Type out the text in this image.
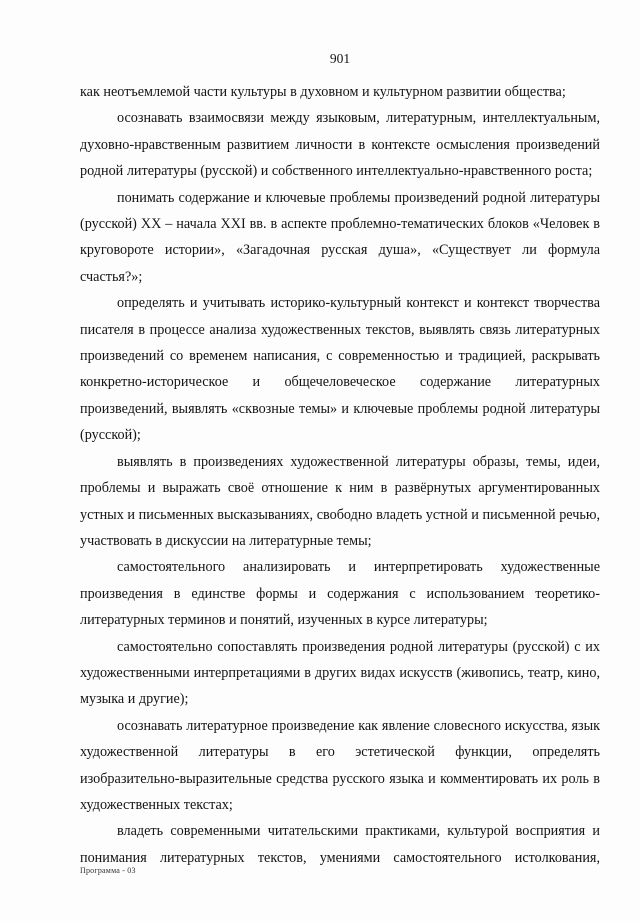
901

как неотъемлемой части культуры в духовном и культурном развитии общества;

осознавать взаимосвязи между языковым, литературным, интеллектуальным, духовно-нравственным развитием личности в контексте осмысления произведений родной литературы (русской) и собственного интеллектуально-нравственного роста;

понимать содержание и ключевые проблемы произведений родной литературы (русской) XX – начала XXI вв. в аспекте проблемно-тематических блоков «Человек в круговороте истории», «Загадочная русская душа», «Существует ли формула счастья?»;

определять и учитывать историко-культурный контекст и контекст творчества писателя в процессе анализа художественных текстов, выявлять связь литературных произведений со временем написания, с современностью и традицией, раскрывать конкретно-историческое и общечеловеческое содержание литературных произведений, выявлять «сквозные темы» и ключевые проблемы родной литературы (русской);

выявлять в произведениях художественной литературы образы, темы, идеи, проблемы и выражать своё отношение к ним в развёрнутых аргументированных устных и письменных высказываниях, свободно владеть устной и письменной речью, участвовать в дискуссии на литературные темы;

самостоятельного анализировать и интерпретировать художественные произведения в единстве формы и содержания с использованием теоретико-литературных терминов и понятий, изученных в курсе литературы;

самостоятельно сопоставлять произведения родной литературы (русской) с их художественными интерпретациями в других видах искусств (живопись, театр, кино, музыка и другие);

осознавать литературное произведение как явление словесного искусства, язык художественной литературы в его эстетической функции, определять изобразительно-выразительные средства русского языка и комментировать их роль в художественных текстах;

владеть современными читательскими практиками, культурой восприятия и понимания литературных текстов, умениями самостоятельного истолкования,

Программа - 03
